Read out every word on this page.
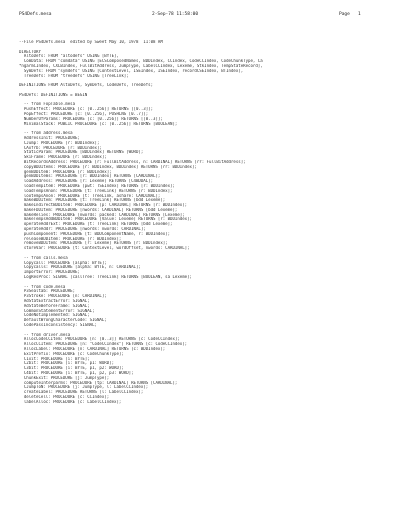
PS4Defs.mesa	2-Sep-78 11:58:00	Page   1
--File PS4Defs.mesa  edited by Sweet May 10, 1978  11:08 AM
DIRECTORY
AltoDefs: FROM "altodefs" USING [BYTE],
ComData: FROM "comdata" USING [ECSComposedNames, BDDIndex, CCIndex, CodeCCIndex, CodeChunkType, Ca
*ngarmCIndex, CXLBIndex, FullBitAddress, JumpType, LabelCCIndex, Lexeme, StkIndex, TempStateRecord],
SymDefs: FROM "symdefs" USING [ContextLevel, ISEIndex, ISEIndex, recordCSEIndex, BTIndex],
TreeDefs: FROM "treedefs" USING [TreeLink];
DEFINITIONS FROM AltoDefs, SymDefs, CodeDefs, TreeDefs;
PS4Defs: DEFINITIONS = BEGIN
-- from FopTable.mesa
PushEffect: PROCEDURE [c: [0..256]] RETURNS [[0..3]];
PopEffect: PROCEDURE [c: [0..256], PUSHLNG [0..7]];
NumberOfParams: PROCEDURE [c: [0..256]] RETURNS [[0..3]];
MinimalStack: PUBLIC PROCEDURE [c: [0..256]] RETURNS [BOOLEAN];
-- from address.mesa
AddressInit: PROCEDURE;
CJump: PROCEDURE [r: BDDIndex];
CAxfrb: PROCEDURE [r: BDDIndex];
StaticParam: PROCEDURE [BDDIndex] RETURNS [WORD];
SkiFrame: PROCEDURE [r: BDDIndex];
BitRecordsAddress: PROCEDURE [r: FullBitAddress, n: CARDINAL] RETURNS [rr: FullBitAddress];
copyBDDItems: PROCEDURE [r: BDDIndex, BDDIndex] RETURNS [rr: BDDIndex];
genBDDItem: PROCEDURE [r: BDDIndex];
genBDDItems: PROCEDURE [r: BDDIndex] RETURNS [CARDINAL];
loadAddress: PROCEDURE [r: Lexeme] RETURNS [C4BDDAL];
loadTempItem: PROCEDURE [pwt: TSEIndex] RETURNS [r: BDDIndex];
loadTempsAnon: PROCEDURE [t: TreeLink] RETURNS [r: BDDIndex];
lootempsAnon: PROCEDURE [t: TreeLink, ashare: CARDINAL];
makeBDDItem: PROCEDURE [t: TreeLink] RETURNS [bdd Lexeme];
makeIndirectBDDItem: PROCEDURE [p: CARDINAL] RETURNS [r: BDDIndex];
makeFDDItem: PROCEDURE [nwords: CARDINAL] RETURNS [bdd Lexeme];
makeRelies: PROCEDURE [nwords: packed: CARDINAL] RETURNS [Lexeme];
makeTempsAddBDDItem: PROCEDURE [Value: Lexeme] RETURNS [r: BDDIndex];
operateAddrExt: PROCEDURE [t: TreeLink] RETURNS [bdd Lexeme];
operateAddr: PROCEDURE [nwords: nwords: CARDINAL];
pushComponent: PROCEDURE [t: BDDComponentName, r: BDDIndex];
releaseBDDItem: PROCEDURE [r: BDDIndex];
removeBDDItem: PROCEDURE [r: Lexeme] RETURNS [r: BDDIndex];
storeVar: PROCEDURE [t: ContextLevel, wordOffset, nwords: CARDINAL];
-- from calls.mesa
Copycall: PROCEDURE [alpha: BYTE];
Copycalls: PROCEDURE [alpha: BYTE, n: CARDINAL];
ImportError: PROCEDURE;
LogResProc: SIGNAL [callTree: TreeLink] RETURNS [BOOLEAN, sa Lexeme];
-- from code.mesa
P3Sealtab: PROCEDURE;
P3Stroke: PROCEDURE [n: CARDINAL];
AdStatExtractError: SIGNAL;
AdStateBeforeFrame: SIGNAL;
CommonStatementError: SIGNAL;
CodeNotImplemented: SIGNAL;
DefaultWrongCharacterCode: SIGNAL;
CodePassInconsistency: SIGNAL;
-- from driver.mesa
AllocCodeCCItem: PROCEDURE [n: [0..3]] RETURNS [c: CodeCCIndex];
AllocCCItem: PROCEDURE [n: "CodeCCIndex"] RETURNS [c: CodeCCIndex];
AllocLabel: PROCEDURE [n: CARDINAL] RETURNS [c: BDDIndex];
ExitPrefix: PROCEDURE [c: CodeChunkType];
C1xit: PROCEDURE [i: BYTE];
C2bit: PROCEDURE [i: BYTE, p1: WORD];
C3bit: PROCEDURE [i: BYTE, p1, p2: WORD];
C4bit: PROCEDURE [i: BYTE, p1, p2, p3: WORD];
ChunkExit: PROCEDURE [j: JumpType];
computeInterparms: PROCEDURE [tp: CARDINAL] RETURNS [CARDINAL];
CJumpToN: PROCEDURE [j: JumpType, l: LabelCCIndex];
createLabel: PROCEDURE RETURNS [l: LabelCCIndex];
deleteCell: PROCEDURE [c: CCIndex];
labelAlloc: PROCEDURE [c: LabelCCIndex];
